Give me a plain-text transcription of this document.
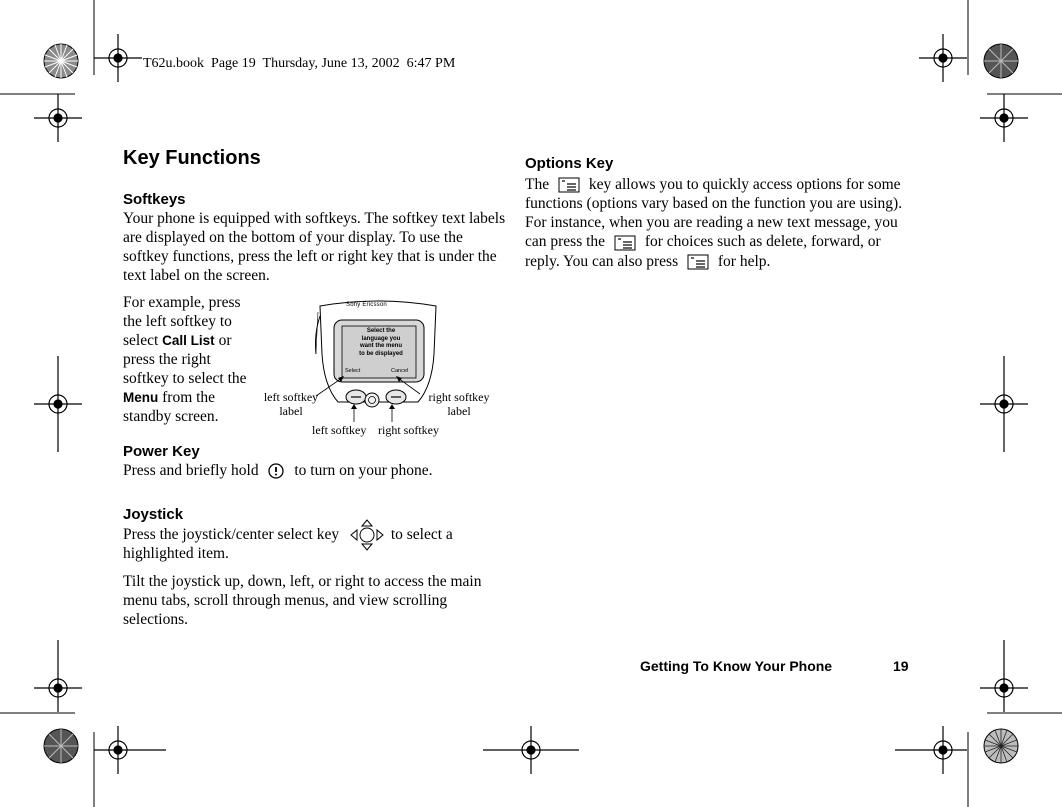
T62u.book  Page 19  Thursday, June 13, 2002  6:47 PM
Key Functions
Softkeys
Your phone is equipped with softkeys. The softkey text labels are displayed on the bottom of your display. To use the softkey functions, press the left or right key that is under the text label on the screen.
For example, press the left softkey to select Call List or press the right softkey to select the Menu from the standby screen.
Sony Ericsson
Select the
language you
want the menu
to be displayed
Select	Cancel
left softkey
label
right softkey
label
left softkey right softkey
Power Key
Press and briefly hold to turn on your phone.
Joystick
Press the joystick/center select key	to select a highlighted item.
Tilt the joystick up, down, left, or right to access the main menu tabs, scroll through menus, and view scrolling selections.
Options Key
The	key allows you to quickly access options for some functions (options vary based on the function you are using). For instance, when you are reading a new text message, you can press the	for choices such as delete, forward, or reply. You can also press	for help.
Getting To Know Your Phone	19
